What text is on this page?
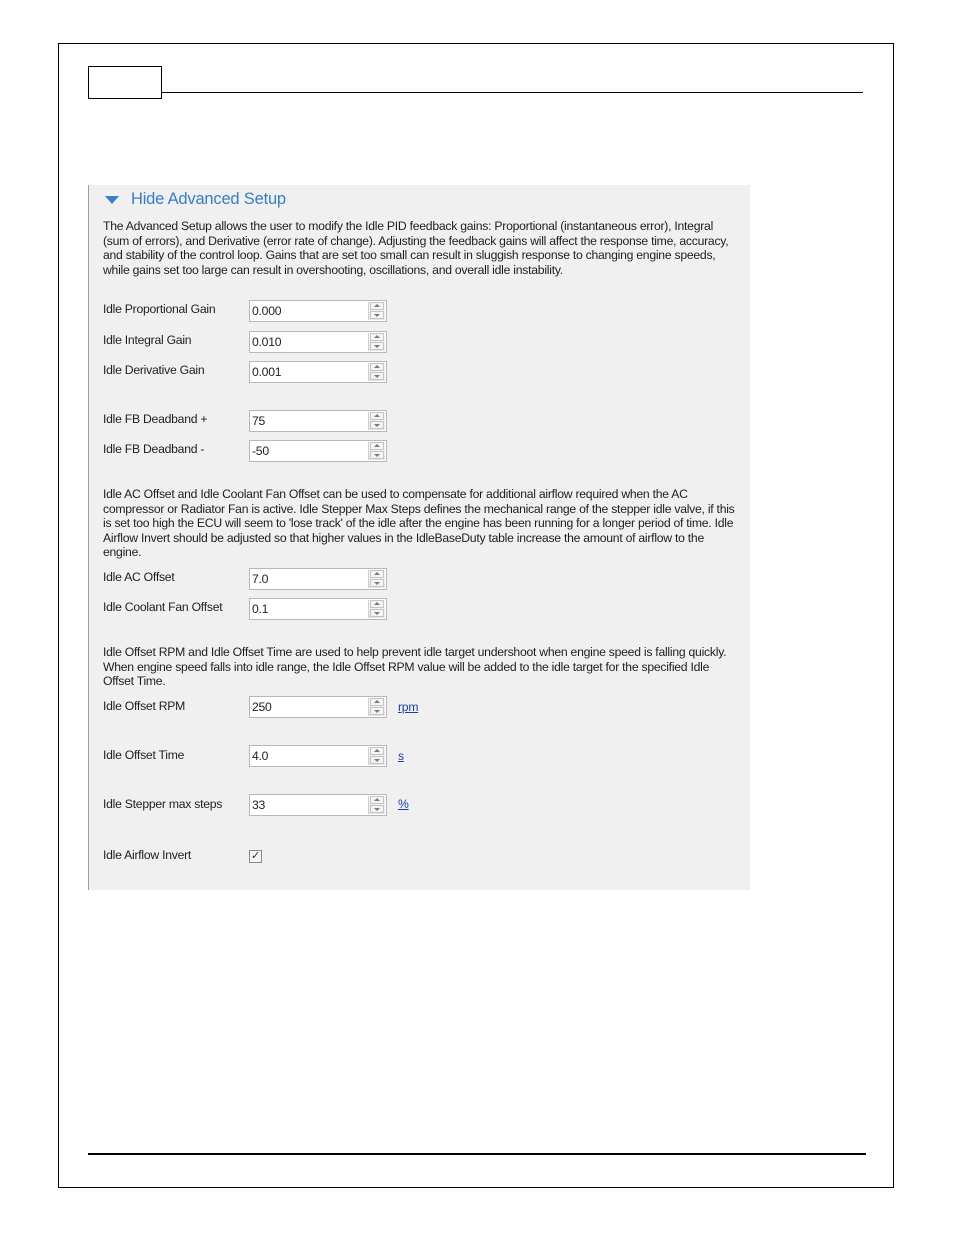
Hide Advanced Setup
The Advanced Setup allows the user to modify the Idle PID feedback gains: Proportional (instantaneous error), Integral (sum of errors), and Derivative (error rate of change). Adjusting the feedback gains will affect the response time, accuracy, and stability of the control loop. Gains that are set too small can result in sluggish response to changing engine speeds, while gains set too large can result in overshooting, oscillations, and overall idle instability.
Idle Proportional Gain	0.000
Idle Integral Gain	0.010
Idle Derivative Gain	0.001
Idle FB Deadband +	75
Idle FB Deadband -	-50
Idle AC Offset and Idle Coolant Fan Offset can be used to compensate for additional airflow required when the AC compressor or Radiator Fan is active. Idle Stepper Max Steps defines the mechanical range of the stepper idle valve, if this is set too high the ECU will seem to 'lose track' of the idle after the engine has been running for a longer period of time. Idle Airflow Invert should be adjusted so that higher values in the IdleBaseDuty table increase the amount of airflow to the engine.
Idle AC Offset	7.0
Idle Coolant Fan Offset 0.1
Idle Offset RPM and Idle Offset Time are used to help prevent idle target undershoot when engine speed is falling quickly. When engine speed falls into idle range, the Idle Offset RPM value will be added to the idle target for the specified Idle Offset Time.
Idle Offset RPM	250	rpm
Idle Offset Time	4.0	s
Idle Stepper max steps 33	%
Idle Airflow Invert	✓
